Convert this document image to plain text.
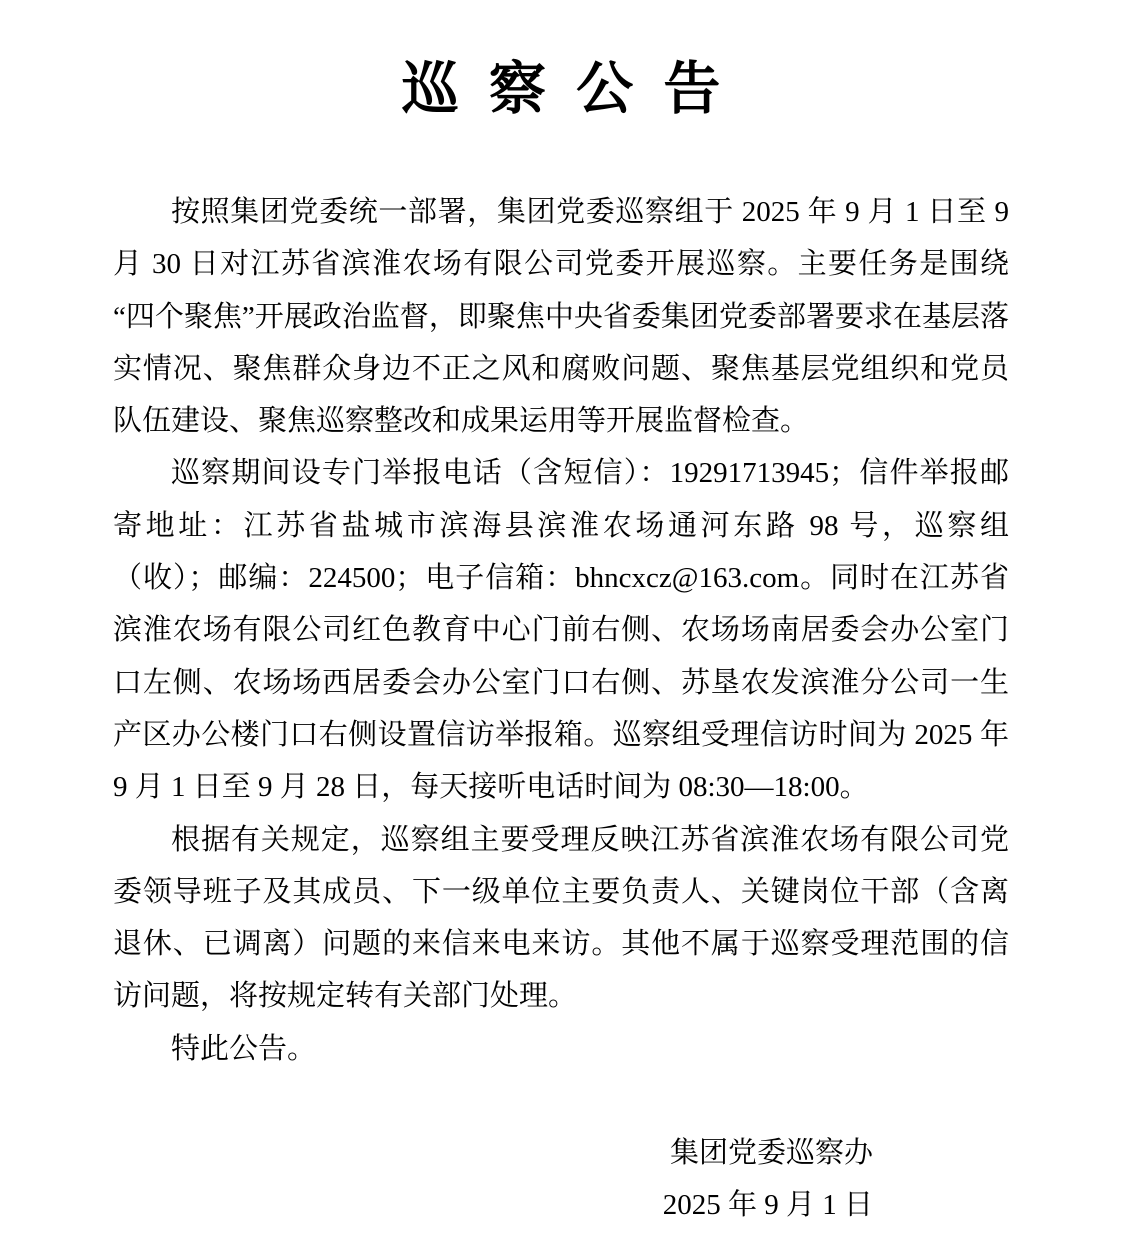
巡 察 公 告

按照集团党委统一部署，集团党委巡察组于 2025 年 9 月 1 日至 9 月 30 日对江苏省滨淮农场有限公司党委开展巡察。主要任务是围绕“四个聚焦”开展政治监督，即聚焦中央省委集团党委部署要求在基层落实情况、聚焦群众身边不正之风和腐败问题、聚焦基层党组织和党员队伍建设、聚焦巡察整改和成果运用等开展监督检查。

巡察期间设专门举报电话（含短信）：19291713945；信件举报邮寄地址：江苏省盐城市滨海县滨淮农场通河东路 98 号，巡察组（收）；邮编：224500；电子信箱：bhncxcz@163.com。同时在江苏省滨淮农场有限公司红色教育中心门前右侧、农场场南居委会办公室门口左侧、农场场西居委会办公室门口右侧、苏垦农发滨淮分公司一生产区办公楼门口右侧设置信访举报箱。巡察组受理信访时间为 2025 年 9 月 1 日至 9 月 28 日，每天接听电话时间为 08:30—18:00。

根据有关规定，巡察组主要受理反映江苏省滨淮农场有限公司党委领导班子及其成员、下一级单位主要负责人、关键岗位干部（含离退休、已调离）问题的来信来电来访。其他不属于巡察受理范围的信访问题，将按规定转有关部门处理。

特此公告。

集团党委巡察办

2025 年 9 月 1 日
